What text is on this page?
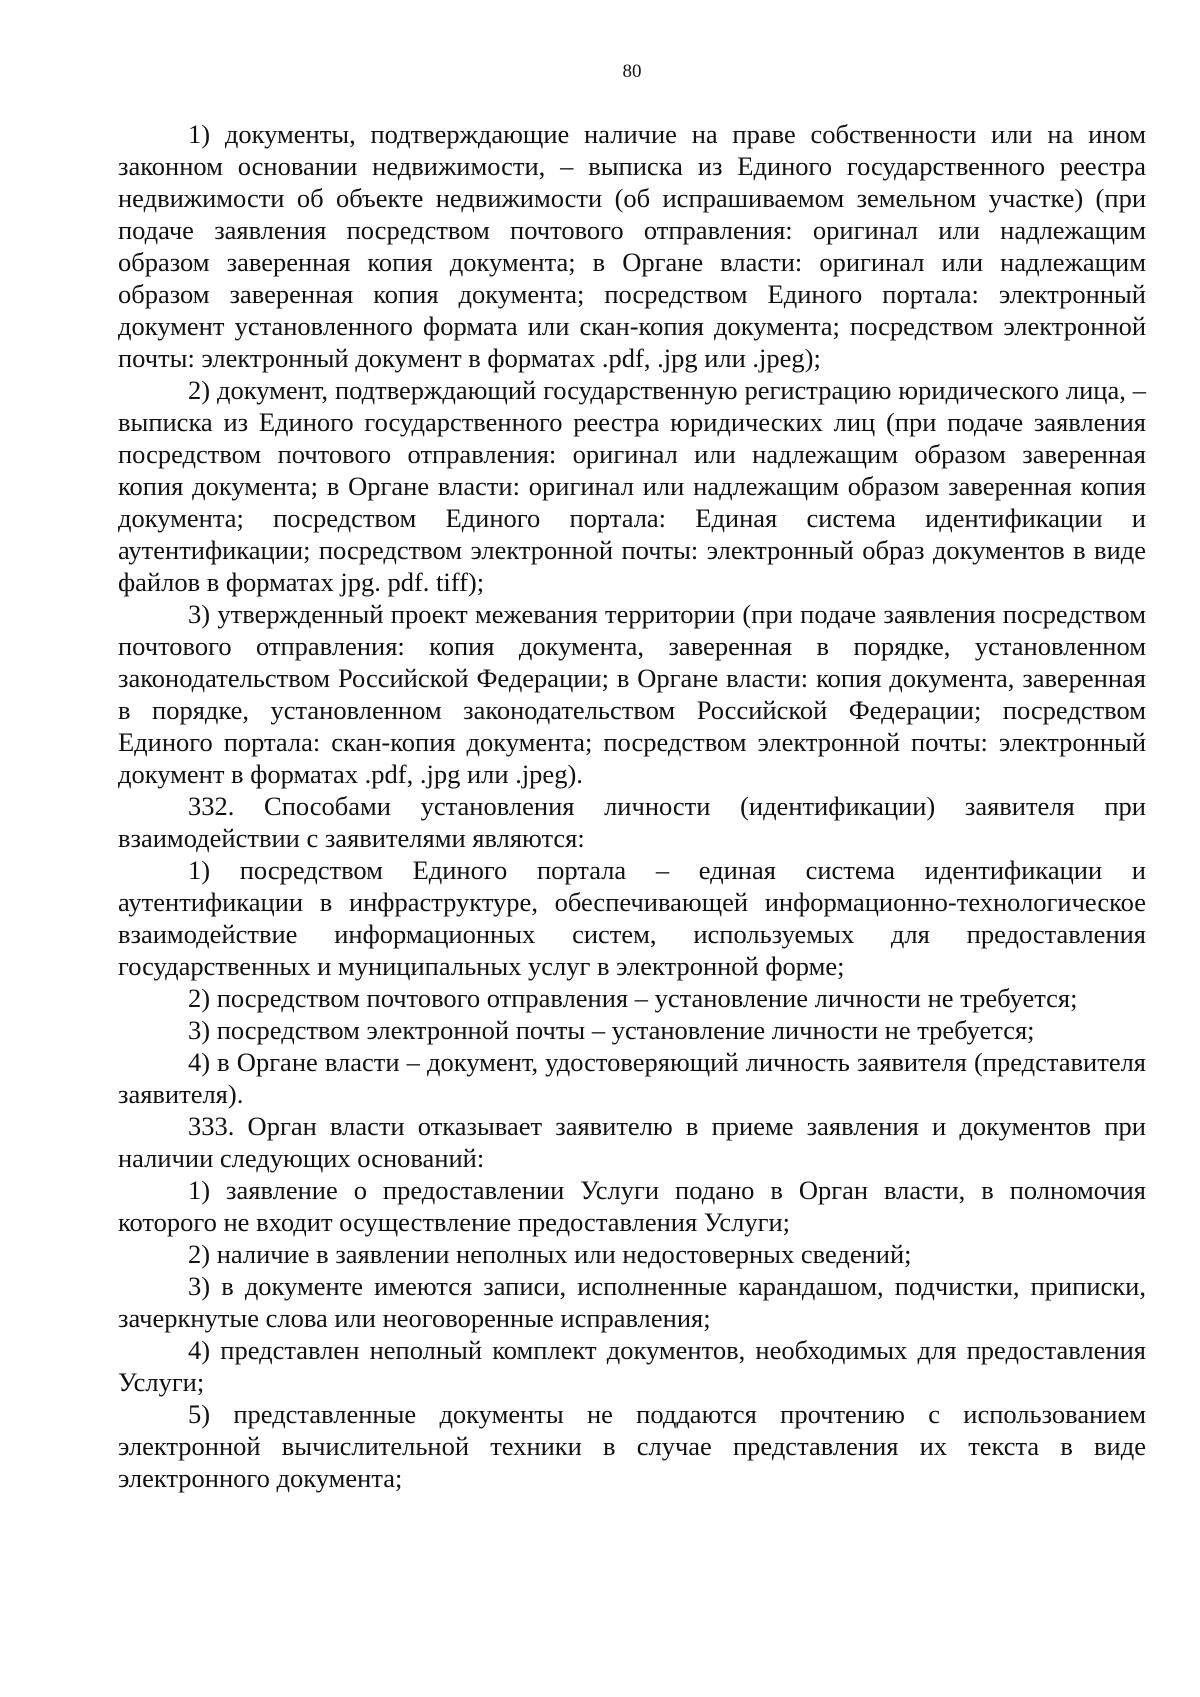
80

1) документы, подтверждающие наличие на праве собственности или на ином законном основании недвижимости, – выписка из Единого государственного реестра недвижимости об объекте недвижимости (об испрашиваемом земельном участке) (при подаче заявления посредством почтового отправления: оригинал или надлежащим образом заверенная копия документа; в Органе власти: оригинал или надлежащим образом заверенная копия документа; посредством Единого портала: электронный документ установленного формата или скан-копия документа; посредством электронной почты: электронный документ в форматах .pdf, .jpg или .jpeg);

2) документ, подтверждающий государственную регистрацию юридического лица, – выписка из Единого государственного реестра юридических лиц (при подаче заявления посредством почтового отправления: оригинал или надлежащим образом заверенная копия документа; в Органе власти: оригинал или надлежащим образом заверенная копия документа; посредством Единого портала: Единая система идентификации и аутентификации; посредством электронной почты: электронный образ документов в виде файлов в форматах jpg. pdf. tiff);

3) утвержденный проект межевания территории (при подаче заявления посредством почтового отправления: копия документа, заверенная в порядке, установленном законодательством Российской Федерации; в Органе власти: копия документа, заверенная в порядке, установленном законодательством Российской Федерации; посредством Единого портала: скан-копия документа; посредством электронной почты: электронный документ в форматах .pdf, .jpg или .jpeg).

332. Способами установления личности (идентификации) заявителя при взаимодействии с заявителями являются:

1) посредством Единого портала – единая система идентификации и аутентификации в инфраструктуре, обеспечивающей информационно-технологическое взаимодействие информационных систем, используемых для предоставления государственных и муниципальных услуг в электронной форме;

2) посредством почтового отправления – установление личности не требуется;

3) посредством электронной почты – установление личности не требуется;

4) в Органе власти – документ, удостоверяющий личность заявителя (представителя заявителя).

333. Орган власти отказывает заявителю в приеме заявления и документов при наличии следующих оснований:

1) заявление о предоставлении Услуги подано в Орган власти, в полномочия которого не входит осуществление предоставления Услуги;

2) наличие в заявлении неполных или недостоверных сведений;

3) в документе имеются записи, исполненные карандашом, подчистки, приписки, зачеркнутые слова или неоговоренные исправления;

4) представлен неполный комплект документов, необходимых для предоставления Услуги;

5) представленные документы не поддаются прочтению с использованием электронной вычислительной техники в случае представления их текста в виде электронного документа;
